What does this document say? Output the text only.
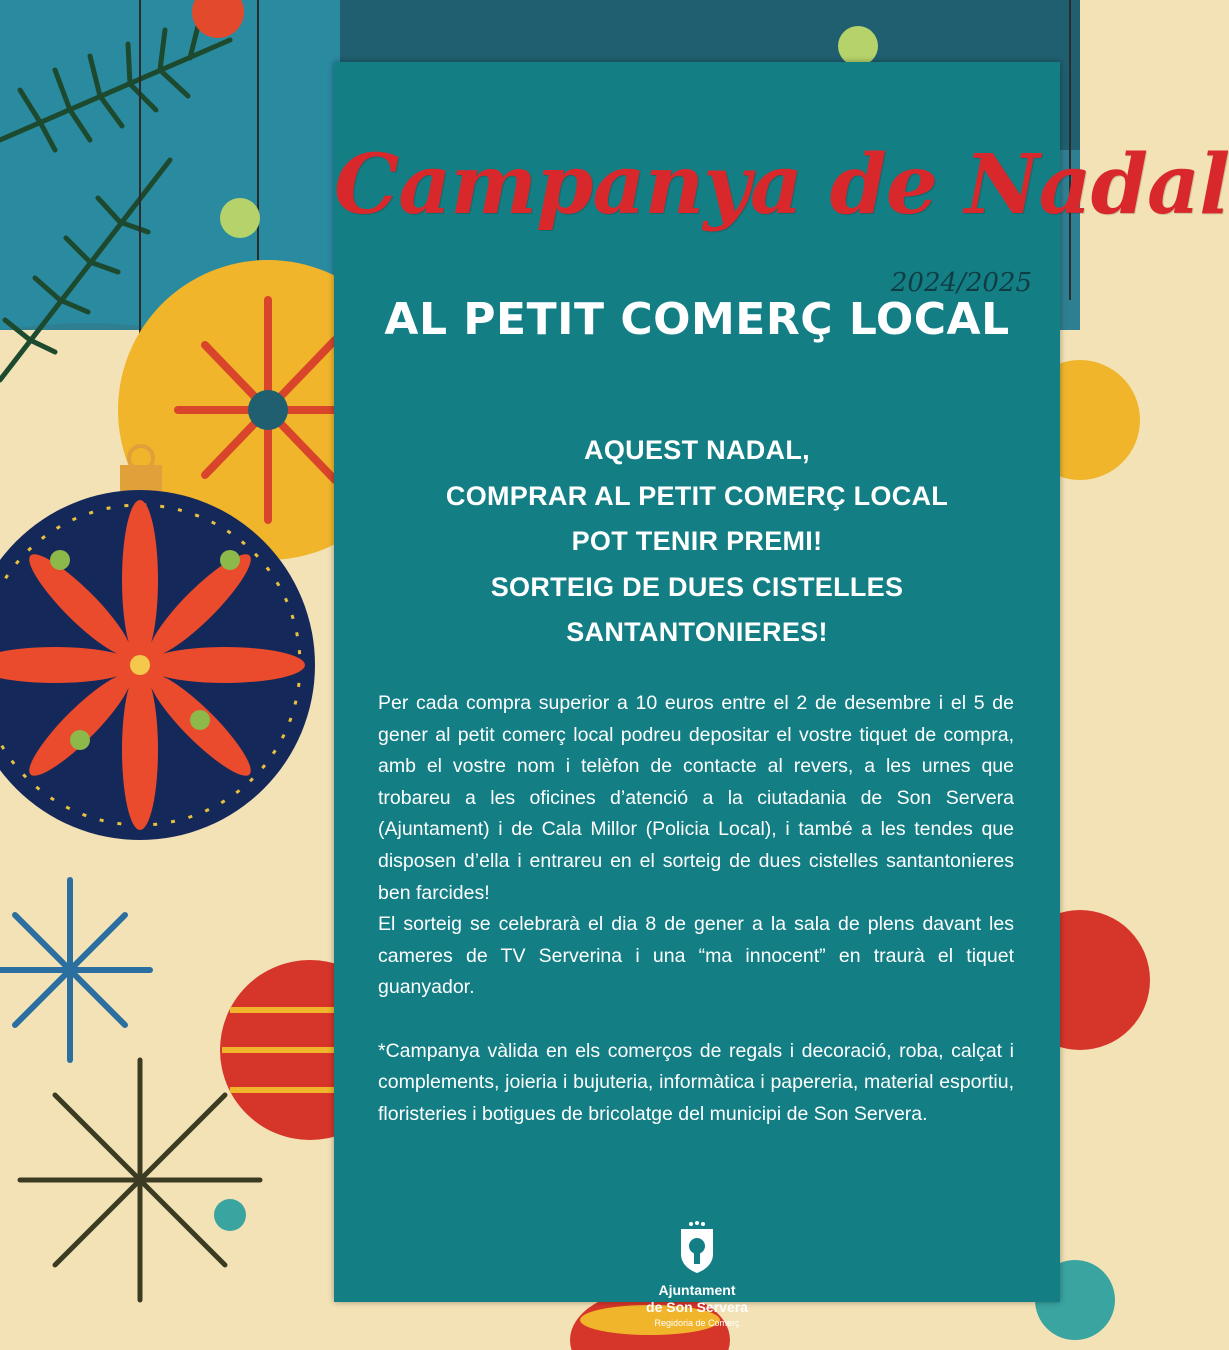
Campanya de Nadal
2024/2025
AL PETIT COMERÇ LOCAL
AQUEST NADAL,
COMPRAR AL PETIT COMERÇ LOCAL
POT TENIR PREMI!
SORTEIG DE DUES CISTELLES
SANTANTONIERES!

Per cada compra superior a 10 euros entre el 2 de desembre i el 5 de gener al petit comerç local podreu depositar el vostre tiquet de compra, amb el vostre nom i telèfon de contacte al revers, a les urnes que trobareu a les oficines d’atenció a la ciutadania de Son Servera (Ajuntament) i de Cala Millor (Policia Local), i també a les tendes que disposen d’ella i entrareu en el sorteig de dues cistelles santantonieres ben farcides!

El sorteig se celebrarà el dia 8 de gener a la sala de plens davant les cameres de TV Serverina i una “ma innocent” en traurà el tiquet guanyador.

*Campanya vàlida en els comerços de regals i decoració, roba, calçat i complements, joieria i bujuteria, informàtica i papereria, material esportiu, floristeries i botigues de bricolatge del municipi de Son Servera.

Ajuntament
de Son Servera
Regidoria de Comerç
